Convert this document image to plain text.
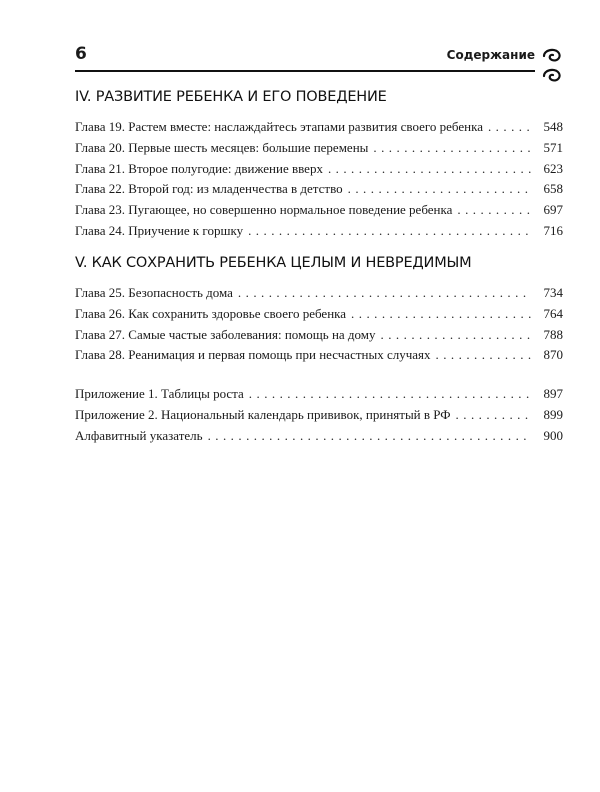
6	Содержание
IV. РАЗВИТИЕ РЕБЕНКА И ЕГО ПОВЕДЕНИЕ
Глава 19. Растем вместе: наслаждайтесь этапами развития своего ребенка . . .	548
Глава 20. Первые шесть месяцев: большие перемены . . .	571
Глава 21. Второе полугодие: движение вверх . . .	623
Глава 22. Второй год: из младенчества в детство . . .	658
Глава 23. Пугающее, но совершенно нормальное поведение ребенка . . .	697
Глава 24. Приучение к горшку . . .	716
V. КАК СОХРАНИТЬ РЕБЕНКА ЦЕЛЫМ И НЕВРЕДИМЫМ
Глава 25. Безопасность дома . . .	734
Глава 26. Как сохранить здоровье своего ребенка . . .	764
Глава 27. Самые частые заболевания: помощь на дому . . .	788
Глава 28. Реанимация и первая помощь при несчастных случаях . . .	870
Приложение 1. Таблицы роста . . .	897
Приложение 2. Национальный календарь прививок, принятый в РФ . . .	899
Алфавитный указатель . . .	900
